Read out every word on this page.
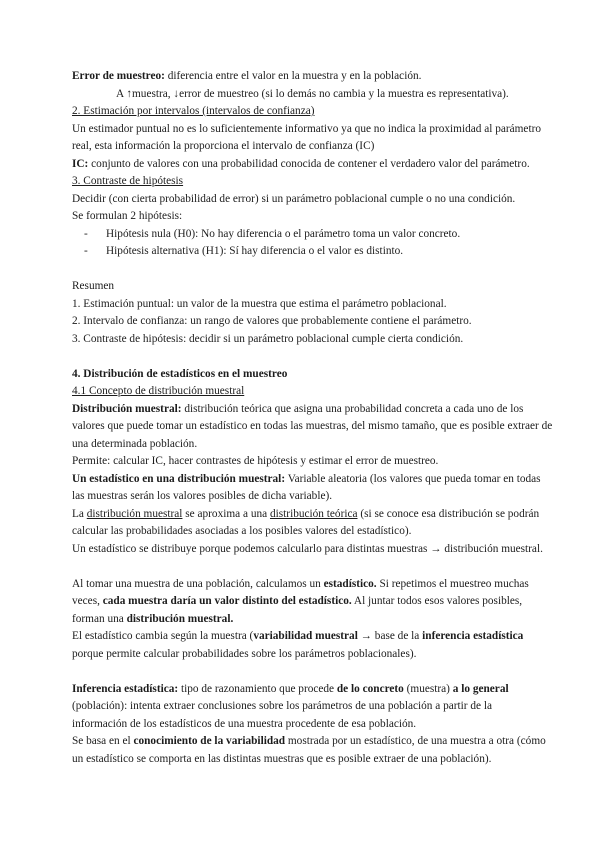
Error de muestreo: diferencia entre el valor en la muestra y en la población.

A ↑muestra, ↓error de muestreo (si lo demás no cambia y la muestra es representativa).

2. Estimación por intervalos (intervalos de confianza)

Un estimador puntual no es lo suficientemente informativo ya que no indica la proximidad al parámetro

real, esta información la proporciona el intervalo de confianza (IC)

IC: conjunto de valores con una probabilidad conocida de contener el verdadero valor del parámetro.

3. Contraste de hipótesis

Decidir (con cierta probabilidad de error) si un parámetro poblacional cumple o no una condición.

Se formulan 2 hipótesis:

-	Hipótesis nula (H0): No hay diferencia o el parámetro toma un valor concreto.
-	Hipótesis alternativa (H1): Sí hay diferencia o el valor es distinto.

Resumen

1. Estimación puntual: un valor de la muestra que estima el parámetro poblacional.

2. Intervalo de confianza: un rango de valores que probablemente contiene el parámetro.

3. Contraste de hipótesis: decidir si un parámetro poblacional cumple cierta condición.

4. Distribución de estadísticos en el muestreo

4.1 Concepto de distribución muestral

Distribución muestral: distribución teórica que asigna una probabilidad concreta a cada uno de los

valores que puede tomar un estadístico en todas las muestras, del mismo tamaño, que es posible extraer de

una determinada población.

Permite: calcular IC, hacer contrastes de hipótesis y estimar el error de muestreo.

Un estadístico en una distribución muestral: Variable aleatoria (los valores que pueda tomar en todas

las muestras serán los valores posibles de dicha variable).

La distribución muestral se aproxima a una distribución teórica (si se conoce esa distribución se podrán

calcular las probabilidades asociadas a los posibles valores del estadístico).

Un estadístico se distribuye porque podemos calcularlo para distintas muestras → distribución muestral.

Al tomar una muestra de una población, calculamos un estadístico. Si repetimos el muestreo muchas

veces, cada muestra daría un valor distinto del estadístico. Al juntar todos esos valores posibles,

forman una distribución muestral.

El estadístico cambia según la muestra (variabilidad muestral → base de la inferencia estadística

porque permite calcular probabilidades sobre los parámetros poblacionales).

Inferencia estadística: tipo de razonamiento que procede de lo concreto (muestra) a lo general

(población): intenta extraer conclusiones sobre los parámetros de una población a partir de la

información de los estadísticos de una muestra procedente de esa población.

Se basa en el conocimiento de la variabilidad mostrada por un estadístico, de una muestra a otra (cómo

un estadístico se comporta en las distintas muestras que es posible extraer de una población).
